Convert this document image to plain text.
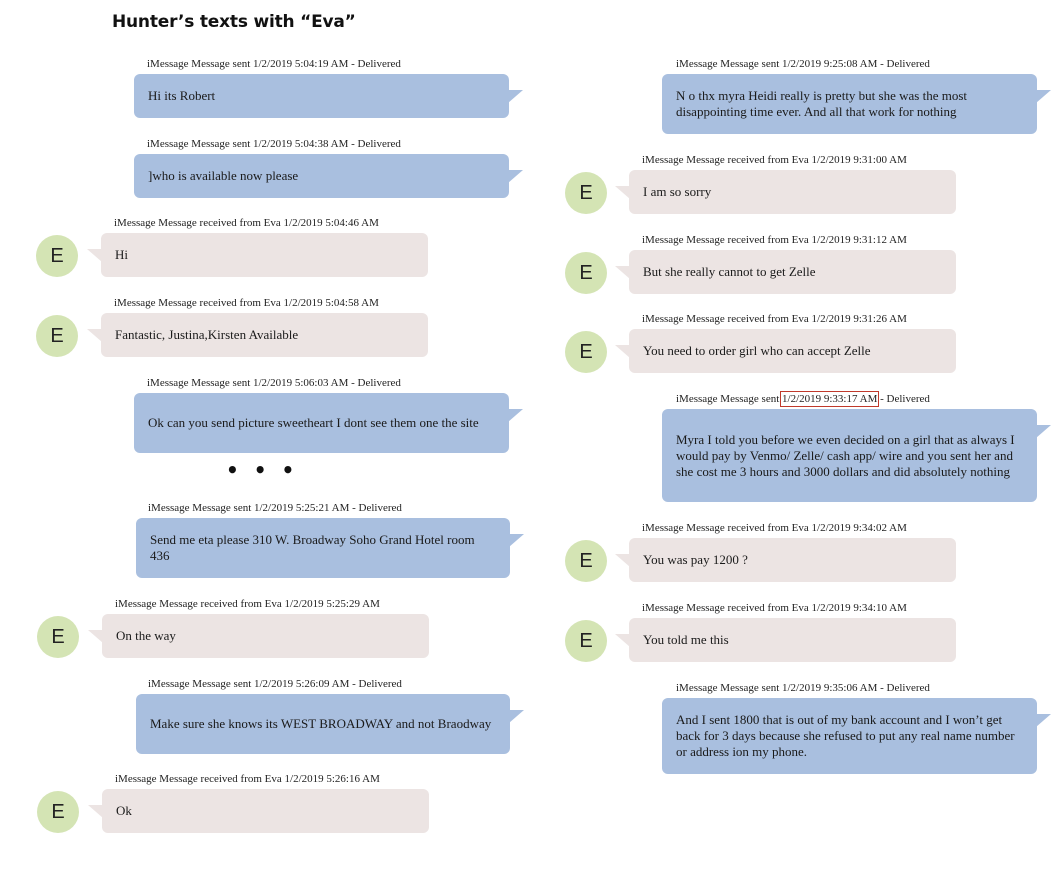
Hunter’s texts with “Eva”
iMessage Message sent 1/2/2019 5:04:19 AM - Delivered
Hi its Robert
iMessage Message sent 1/2/2019 5:04:38 AM - Delivered
]who is available now please
iMessage Message received from Eva 1/2/2019 5:04:46 AM
E	Hi
iMessage Message received from Eva 1/2/2019 5:04:58 AM
E	Fantastic, Justina,Kirsten Available
iMessage Message sent 1/2/2019 5:06:03 AM - Delivered
Ok can you send picture sweetheart I dont see them one the site
• • •
iMessage Message sent 1/2/2019 5:25:21 AM - Delivered
Send me eta please 310 W. Broadway Soho Grand Hotel room 436
iMessage Message received from Eva 1/2/2019 5:25:29 AM
E	On the way
iMessage Message sent 1/2/2019 5:26:09 AM - Delivered
Make sure she knows its WEST BROADWAY and not Braodway
iMessage Message received from Eva 1/2/2019 5:26:16 AM
E	Ok
iMessage Message sent 1/2/2019 9:25:08 AM - Delivered
N o thx myra Heidi really is pretty but she was the most disappointing time ever. And all that work for nothing
iMessage Message received from Eva 1/2/2019 9:31:00 AM
E	I am so sorry
iMessage Message received from Eva 1/2/2019 9:31:12 AM
E	But she really cannot to get Zelle
iMessage Message received from Eva 1/2/2019 9:31:26 AM
E	You need to order girl who can accept Zelle
iMessage Message sent 1/2/2019 9:33:17 AM - Delivered
Myra I told you before we even decided on a girl that as always I would pay by Venmo/ Zelle/ cash app/ wire and you sent her and she cost me 3 hours and 3000 dollars and did absolutely nothing
iMessage Message received from Eva 1/2/2019 9:34:02 AM
E	You was pay 1200 ?
iMessage Message received from Eva 1/2/2019 9:34:10 AM
E	You told me this
iMessage Message sent 1/2/2019 9:35:06 AM - Delivered
And I sent 1800 that is out of my bank account and I won’t get back for 3 days because she refused to put any real name number or address ion my phone.
